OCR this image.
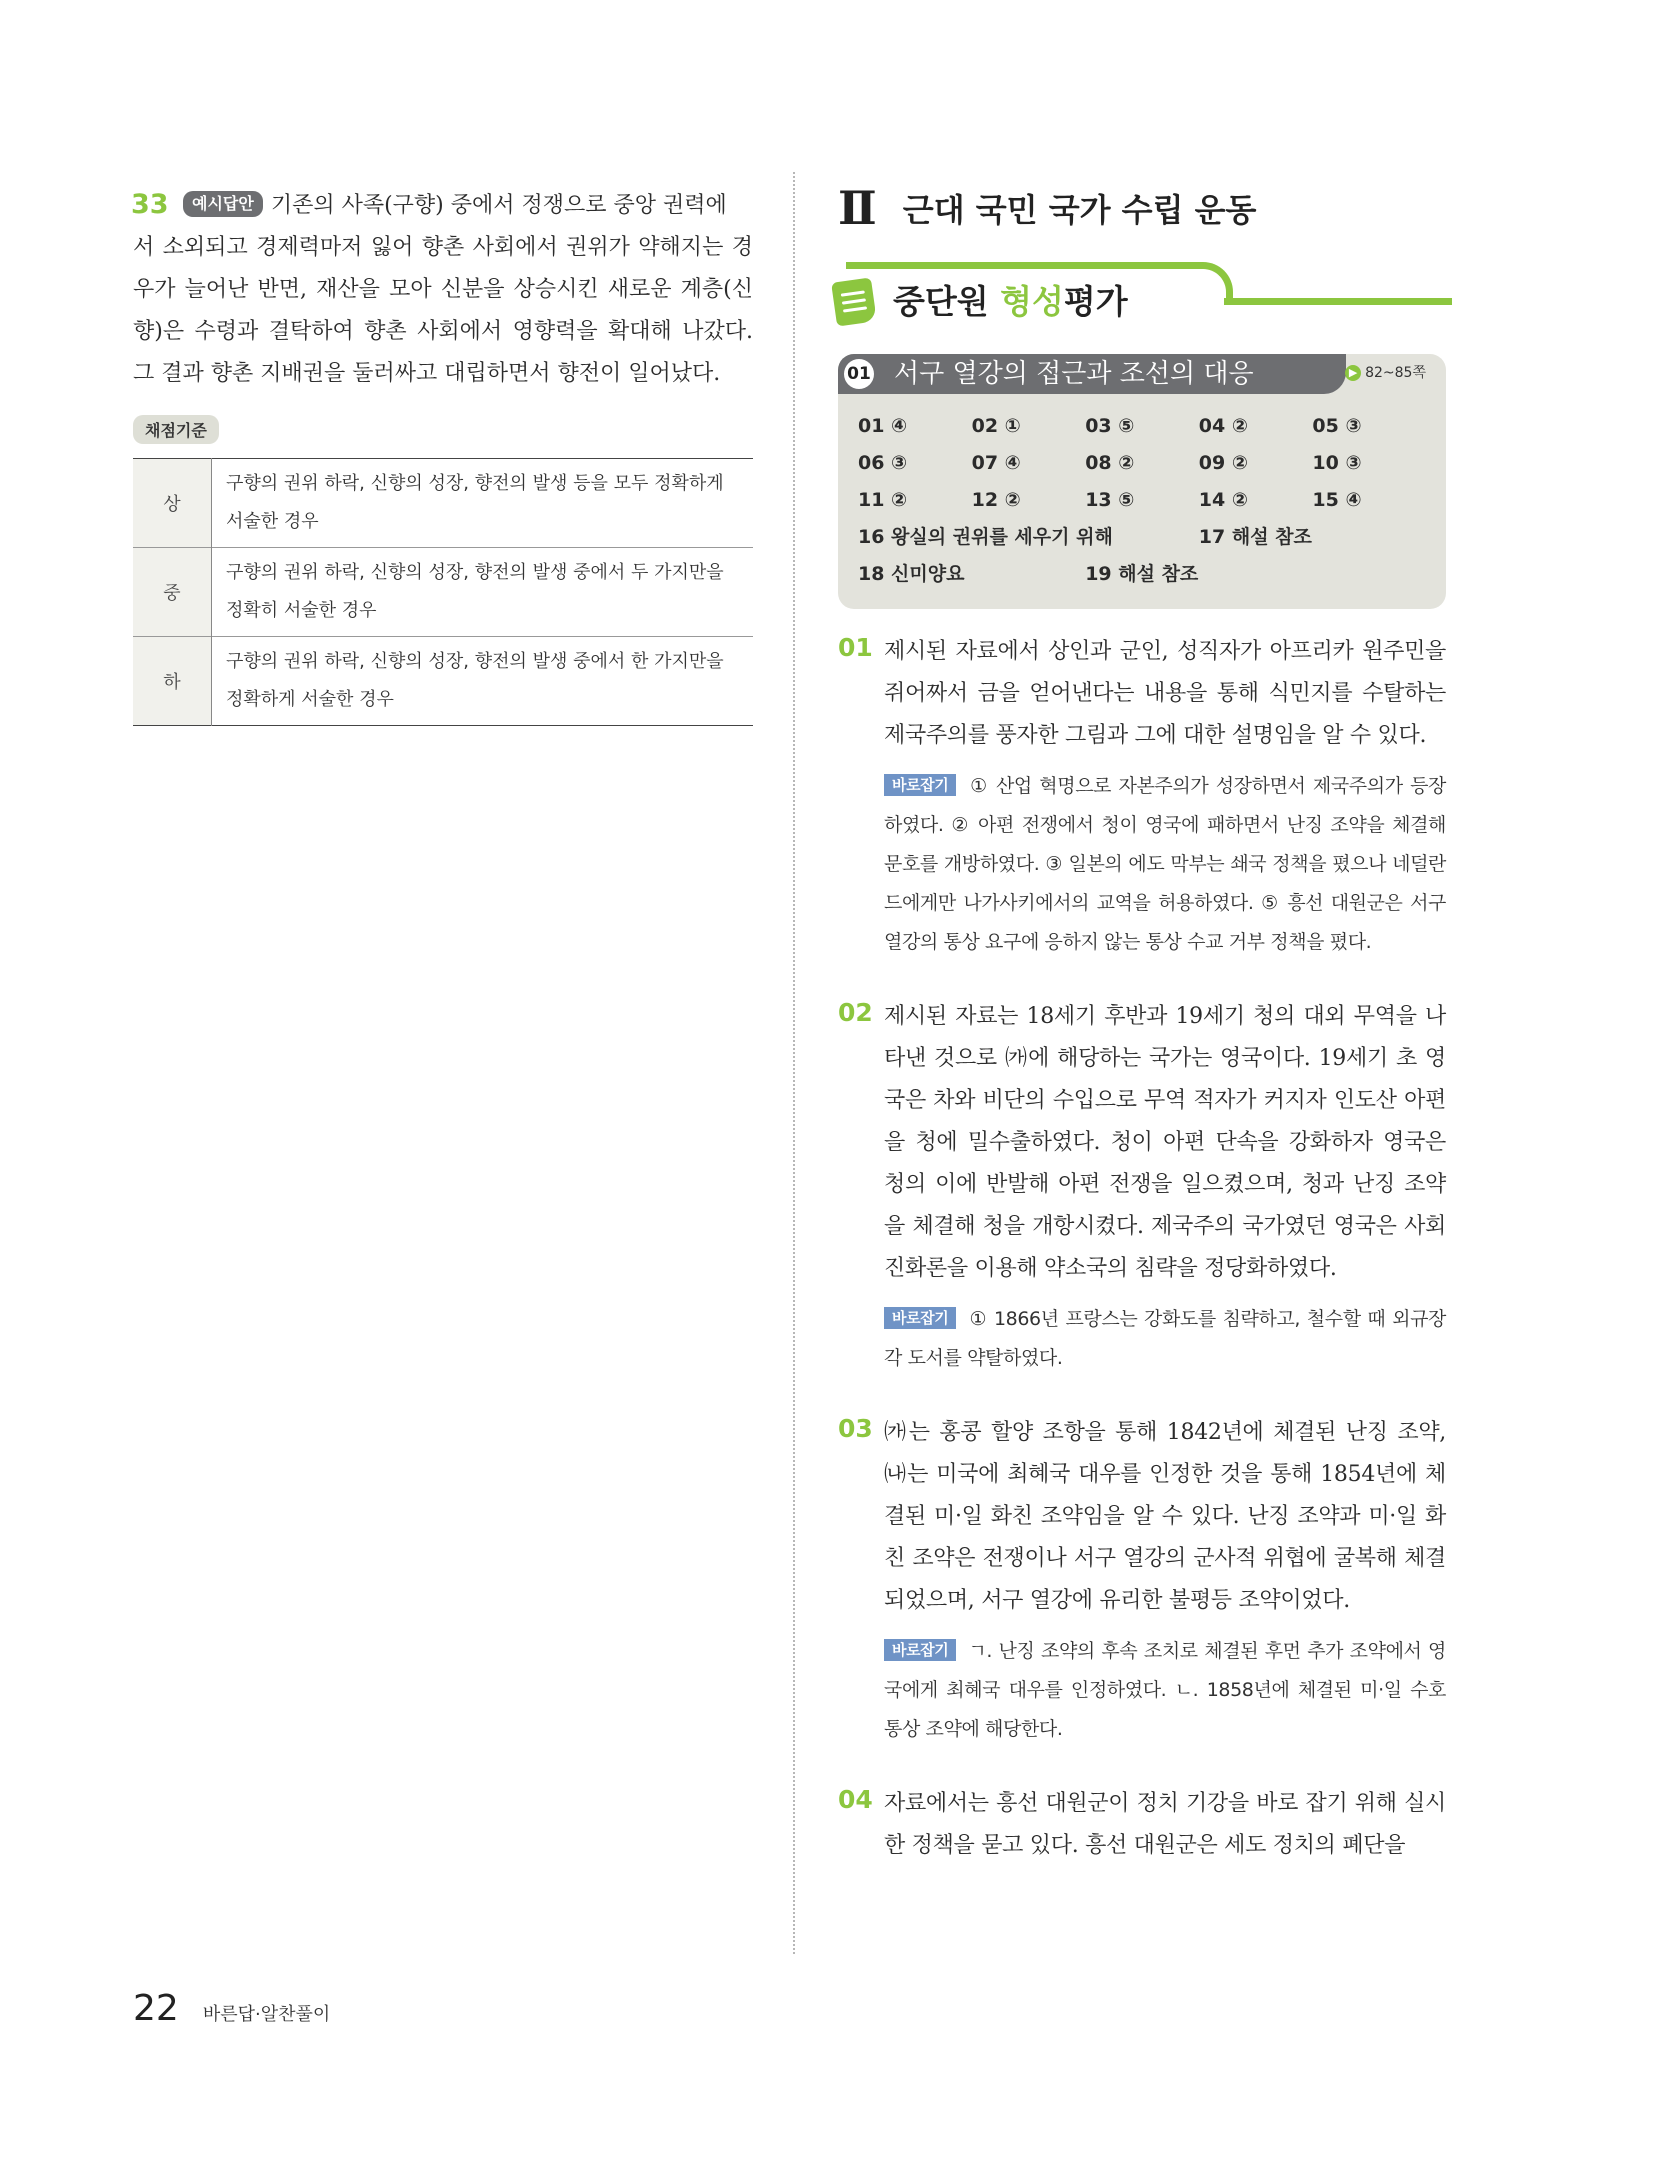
33	예시답안 기존의 사족(구향) 중에서 정쟁으로 중앙 권력에
서 소외되고 경제력마저 잃어 향촌 사회에서 권위가 약해지는 경우가 늘어난 반면, 재산을 모아 신분을 상승시킨 새로운 계층(신향)은 수령과 결탁하여 향촌 사회에서 영향력을 확대해 나갔다. 그 결과 향촌 지배권을 둘러싸고 대립하면서 향전이 일어났다.
채점기준
상	구향의 권위 하락, 신향의 성장, 향전의 발생 등을 모두 정확하게 서술한 경우
중	구향의 권위 하락, 신향의 성장, 향전의 발생 중에서 두 가지만을 정확히 서술한 경우
하	구향의 권위 하락, 신향의 성장, 향전의 발생 중에서 한 가지만을 정확하게 서술한 경우
Ⅱ 근대 국민 국가 수립 운동
중단원 형성평가
01 서구 열강의 접근과 조선의 대응	▶ 82~85쪽
01 ④	02 ①	03 ⑤	04 ②	05 ③
06 ③	07 ④	08 ②	09 ②	10 ③
11 ②	12 ②	13 ⑤	14 ②	15 ④
16 왕실의 권위를 세우기 위해	17 해설 참조
18 신미양요	19 해설 참조
01 제시된 자료에서 상인과 군인, 성직자가 아프리카 원주민을 쥐어짜서 금을 얻어낸다는 내용을 통해 식민지를 수탈하는 제국주의를 풍자한 그림과 그에 대한 설명임을 알 수 있다.
바로잡기 ① 산업 혁명으로 자본주의가 성장하면서 제국주의가 등장하였다. ② 아편 전쟁에서 청이 영국에 패하면서 난징 조약을 체결해 문호를 개방하였다. ③ 일본의 에도 막부는 쇄국 정책을 폈으나 네덜란드에게만 나가사키에서의 교역을 허용하였다. ⑤ 흥선 대원군은 서구 열강의 통상 요구에 응하지 않는 통상 수교 거부 정책을 폈다.
02 제시된 자료는 18세기 후반과 19세기 청의 대외 무역을 나타낸 것으로 ㈎에 해당하는 국가는 영국이다. 19세기 초 영국은 차와 비단의 수입으로 무역 적자가 커지자 인도산 아편을 청에 밀수출하였다. 청이 아편 단속을 강화하자 영국은 청의 이에 반발해 아편 전쟁을 일으켰으며, 청과 난징 조약을 체결해 청을 개항시켰다. 제국주의 국가였던 영국은 사회 진화론을 이용해 약소국의 침략을 정당화하였다.
바로잡기 ① 1866년 프랑스는 강화도를 침략하고, 철수할 때 외규장각 도서를 약탈하였다.
03 ㈎는 홍콩 할양 조항을 통해 1842년에 체결된 난징 조약, ㈏는 미국에 최혜국 대우를 인정한 것을 통해 1854년에 체결된 미·일 화친 조약임을 알 수 있다. 난징 조약과 미·일 화친 조약은 전쟁이나 서구 열강의 군사적 위협에 굴복해 체결되었으며, 서구 열강에 유리한 불평등 조약이었다.
바로잡기 ㄱ. 난징 조약의 후속 조치로 체결된 후먼 추가 조약에서 영국에게 최혜국 대우를 인정하였다. ㄴ. 1858년에 체결된 미·일 수호 통상 조약에 해당한다.
04 자료에서는 흥선 대원군이 정치 기강을 바로 잡기 위해 실시한 정책을 묻고 있다. 흥선 대원군은 세도 정치의 폐단을
22 바른답·알찬풀이
